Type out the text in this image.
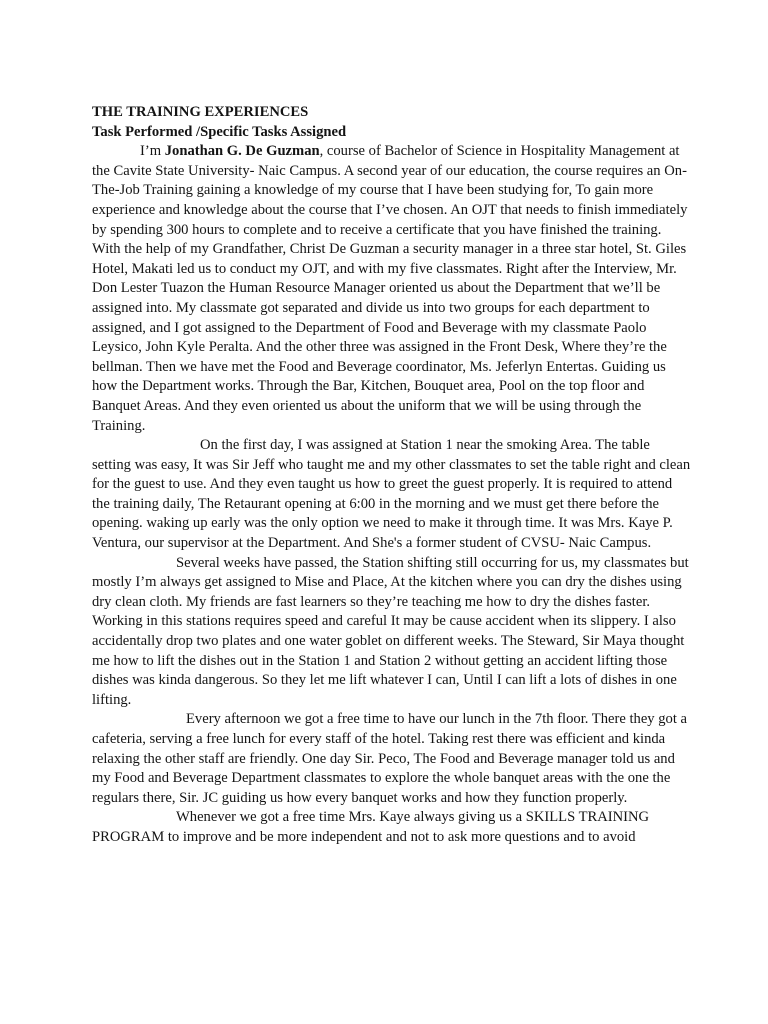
THE TRAINING EXPERIENCES

Task Performed /Specific Tasks Assigned

I’m Jonathan G. De Guzman, course of Bachelor of Science in Hospitality Management at the Cavite State University- Naic Campus. A second year of our education, the course requires an On-The-Job Training gaining a knowledge of my course that I have been studying for, To gain more experience and knowledge about the course that I’ve chosen. An OJT that needs to finish immediately by spending 300 hours to complete and to receive a certificate that you have finished the training. With the help of my Grandfather, Christ De Guzman a security manager in a three star hotel, St. Giles Hotel, Makati led us to conduct my OJT, and with my five classmates. Right after the Interview, Mr. Don Lester Tuazon the Human Resource Manager oriented us about the Department that we’ll be assigned into. My classmate got separated and divide us into two groups for each department to assigned, and I got assigned to the Department of Food and Beverage with my classmate Paolo Leysico, John Kyle Peralta. And the other three was assigned in the Front Desk, Where they’re the bellman. Then we have met the Food and Beverage coordinator, Ms. Jeferlyn Entertas. Guiding us how the Department works. Through the Bar, Kitchen, Bouquet area, Pool on the top floor and Banquet Areas. And they even oriented us about the uniform that we will be using through the Training.

On the first day, I was assigned at Station 1 near the smoking Area. The table setting was easy, It was Sir Jeff who taught me and my other classmates to set the table right and clean for the guest to use. And they even taught us how to greet the guest properly. It is required to attend the training daily, The Retaurant opening at 6:00 in the morning and we must get there before the opening. waking up early was the only option we need to make it through time. It was Mrs. Kaye P. Ventura, our supervisor at the Department. And She's a former student of CVSU- Naic Campus.

Several weeks have passed, the Station shifting still occurring for us, my classmates but mostly I’m always get assigned to Mise and Place, At the kitchen where you can dry the dishes using dry clean cloth. My friends are fast learners so they’re teaching me how to dry the dishes faster. Working in this stations requires speed and careful It may be cause accident when its slippery. I also accidentally drop two plates and one water goblet on different weeks. The Steward, Sir Maya thought me how to lift the dishes out in the Station 1 and Station 2 without getting an accident lifting those dishes was kinda dangerous. So they let me lift whatever I can, Until I can lift a lots of dishes in one lifting.

Every afternoon we got a free time to have our lunch in the 7th floor. There they got a cafeteria, serving a free lunch for every staff of the hotel. Taking rest there was efficient and kinda relaxing the other staff are friendly. One day Sir. Peco, The Food and Beverage manager told us and my Food and Beverage Department classmates to explore the whole banquet areas with the one the regulars there, Sir. JC guiding us how every banquet works and how they function properly.

Whenever we got a free time Mrs. Kaye always giving us a SKILLS TRAINING PROGRAM to improve and be more independent and not to ask more questions and to avoid
